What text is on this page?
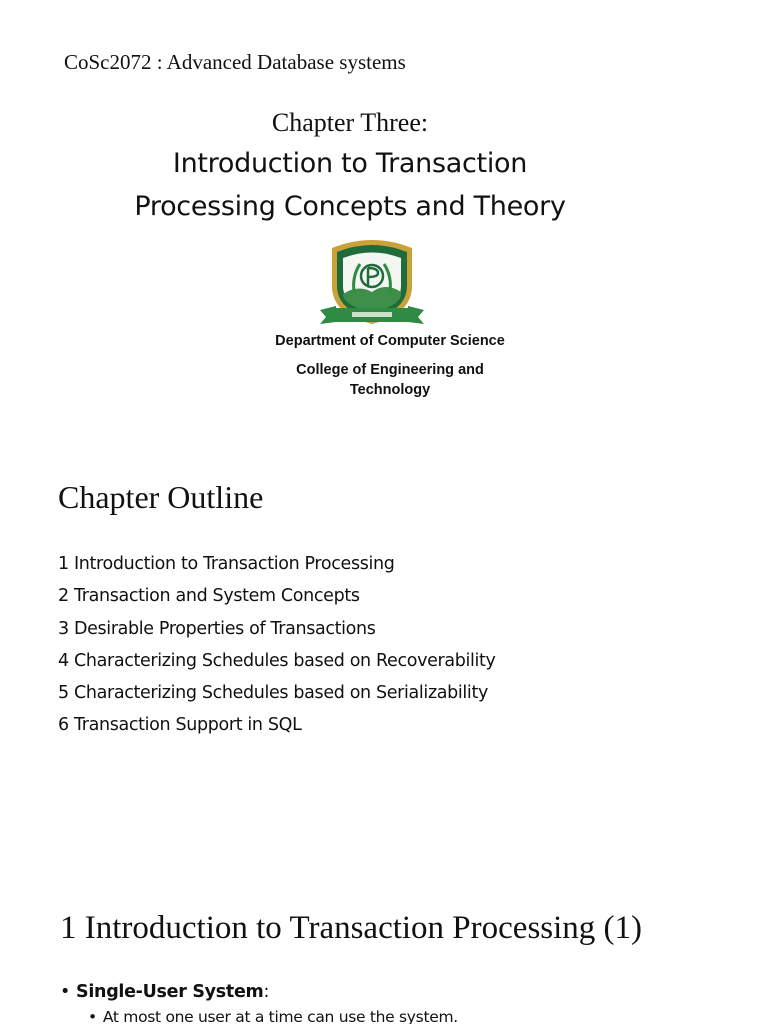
CoSc2072 : Advanced Database systems
Chapter Three:
Introduction to Transaction
Processing Concepts and Theory
Department of Computer Science
College of Engineering and
Technology
Chapter Outline
1 Introduction to Transaction Processing
2 Transaction and System Concepts
3 Desirable Properties of Transactions
4 Characterizing Schedules based on Recoverability
5 Characterizing Schedules based on Serializability
6 Transaction Support in SQL
1 Introduction to Transaction Processing (1)
• Single-User System:
• At most one user at a time can use the system.
